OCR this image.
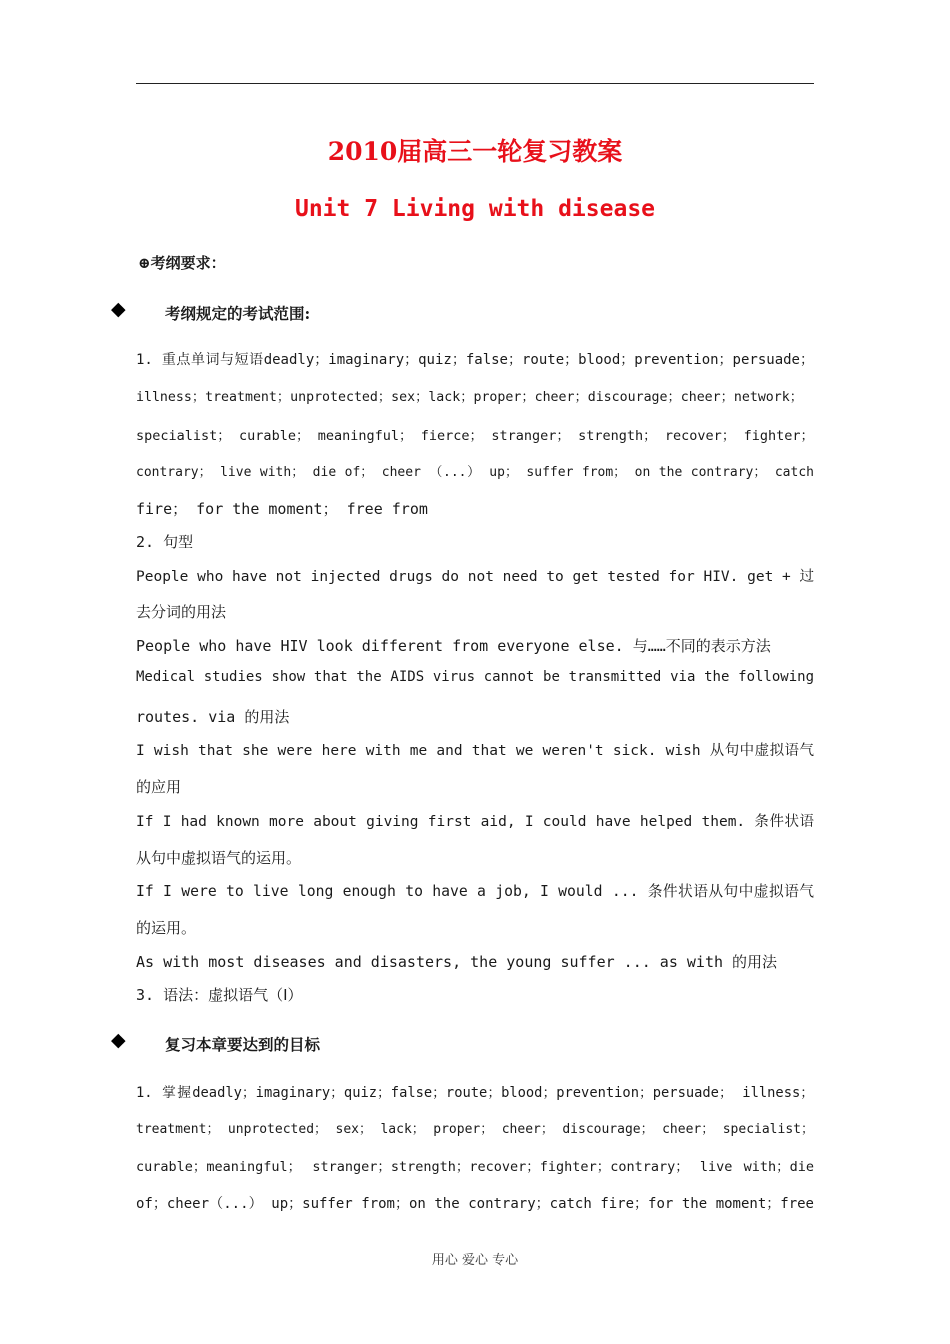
2010届高三一轮复习教案
Unit 7 Living with disease
⊕考纲要求：
◆	考纲规定的考试范围:
1. 重点单词与短语deadly；imaginary；quiz；false；route；blood；prevention；persuade；
illness；treatment；unprotected；sex；lack；proper；cheer；discourage；cheer；network；
specialist； curable； meaningful； fierce； stranger； strength； recover； fighter；
contrary； live with； die of； cheer （...） up； suffer from； on the contrary； catch
fire； for the moment； free from
2. 句型
People who have not injected drugs do not need to get tested for HIV. get + 过
去分词的用法
People who have HIV look different from everyone else. 与……不同的表示方法
Medical studies show that the AIDS virus cannot be transmitted via the following
routes. via 的用法
I wish that she were here with me and that we weren't sick. wish 从句中虚拟语气
的应用
If I had known more about giving first aid, I could have helped them. 条件状语
从句中虚拟语气的运用。
If I were to live long enough to have a job, I would ... 条件状语从句中虚拟语气
的运用。
As with most diseases and disasters, the young suffer ... as with 的用法
3. 语法：虚拟语气（Ⅰ）
◆	复习本章要达到的目标
1. 掌握deadly；imaginary；quiz；false；route；blood；prevention；persuade； illness；
treatment； unprotected； sex； lack； proper； cheer； discourage； cheer； specialist；
curable；meaningful； stranger；strength；recover；fighter；contrary； live with；die
of；cheer（...） up；suffer from；on the contrary；catch fire；for the moment；free
用心 爱心 专心
